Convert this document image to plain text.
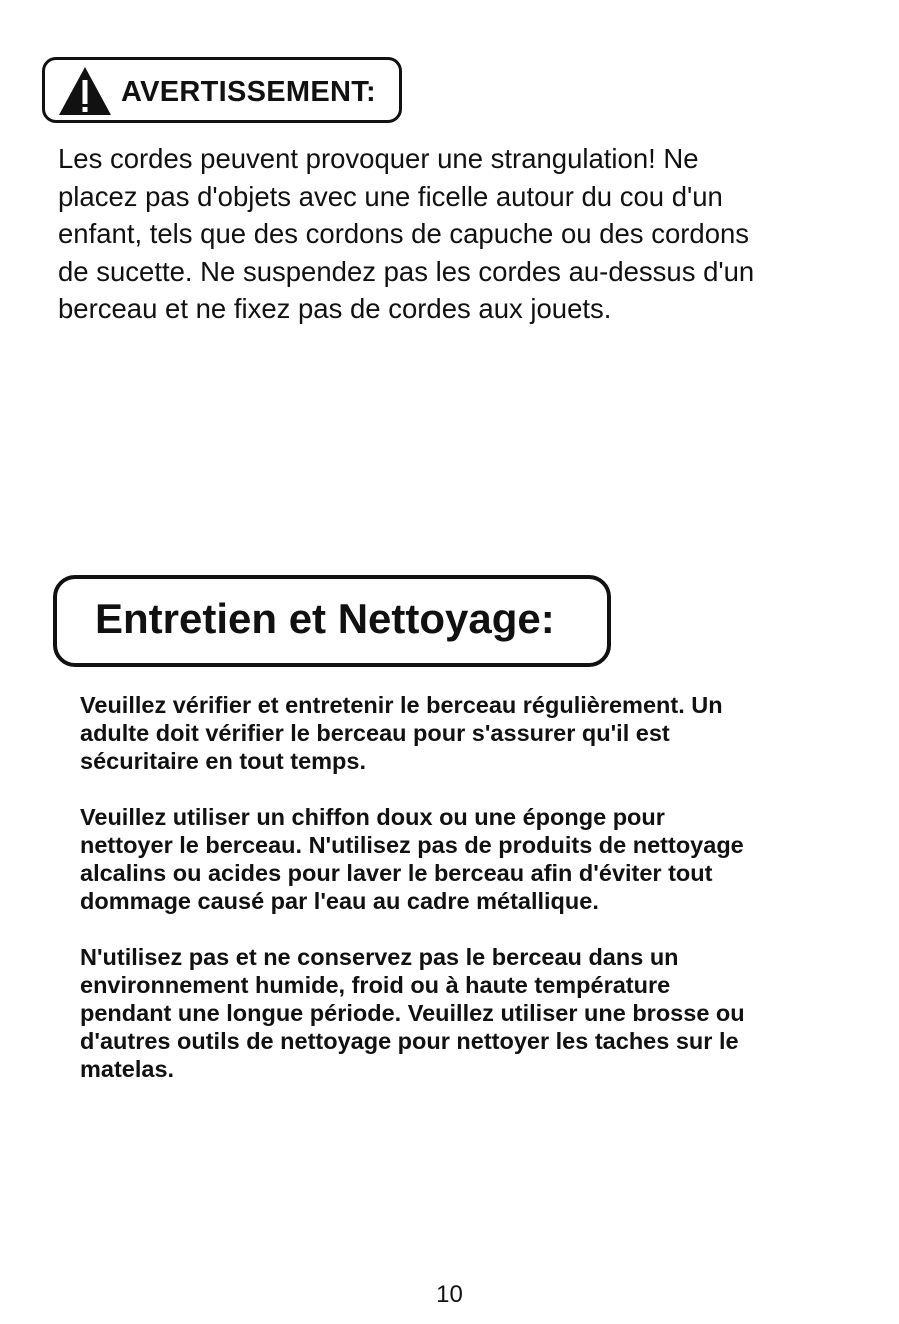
AVERTISSEMENT:

Les cordes peuvent provoquer une strangulation! Ne
placez pas d'objets avec une ficelle autour du cou d'un
enfant, tels que des cordons de capuche ou des cordons
de sucette. Ne suspendez pas les cordes au-dessus d'un
berceau et ne fixez pas de cordes aux jouets.

Entretien et Nettoyage:

Veuillez vérifier et entretenir le berceau régulièrement. Un
adulte doit vérifier le berceau pour s'assurer qu'il est
sécuritaire en tout temps.

Veuillez utiliser un chiffon doux ou une éponge pour
nettoyer le berceau. N'utilisez pas de produits de nettoyage
alcalins ou acides pour laver le berceau afin d'éviter tout
dommage causé par l'eau au cadre métallique.

N'utilisez pas et ne conservez pas le berceau dans un
environnement humide, froid ou à haute température
pendant une longue période. Veuillez utiliser une brosse ou
d'autres outils de nettoyage pour nettoyer les taches sur le
matelas.

10
